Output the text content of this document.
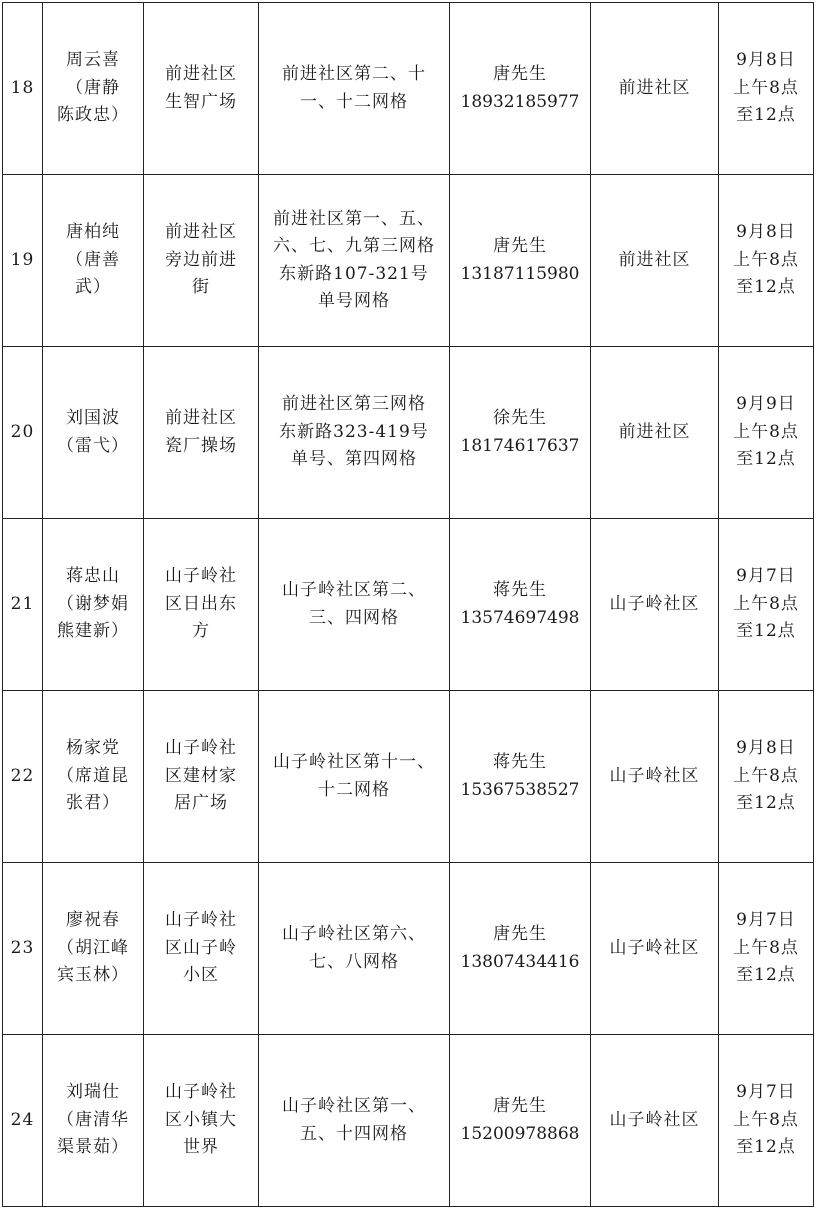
18	周云喜
（唐静
陈政忠）	前进社区
生智广场	前进社区第二、十
一、十二网格	唐先生
18932185977	前进社区	9月8日
上午8点
至12点

19	唐柏纯
（唐善
武）	前进社区
旁边前进
街	前进社区第一、五、
六、七、九第三网格
东新路107-321号
单号网格	唐先生
13187115980	前进社区	9月8日
上午8点
至12点

20	刘国波
（雷弋）	前进社区
瓷厂操场	前进社区第三网格
东新路323-419号
单号、第四网格	徐先生
18174617637	前进社区	9月9日
上午8点
至12点

21	蒋忠山
（谢梦娟
熊建新）	山子岭社
区日出东
方	山子岭社区第二、
三、四网格	蒋先生
13574697498	山子岭社区	9月7日
上午8点
至12点

22	杨家党
（席道昆
张君）	山子岭社
区建材家
居广场	山子岭社区第十一、
十二网格	蒋先生
15367538527	山子岭社区	9月8日
上午8点
至12点

23	廖祝春
（胡江峰
宾玉林）	山子岭社
区山子岭
小区	山子岭社区第六、
七、八网格	唐先生
13807434416	山子岭社区	9月7日
上午8点
至12点

24	刘瑞仕
（唐清华
渠景茹）	山子岭社
区小镇大
世界	山子岭社区第一、
五、十四网格	唐先生
15200978868	山子岭社区	9月7日
上午8点
至12点
